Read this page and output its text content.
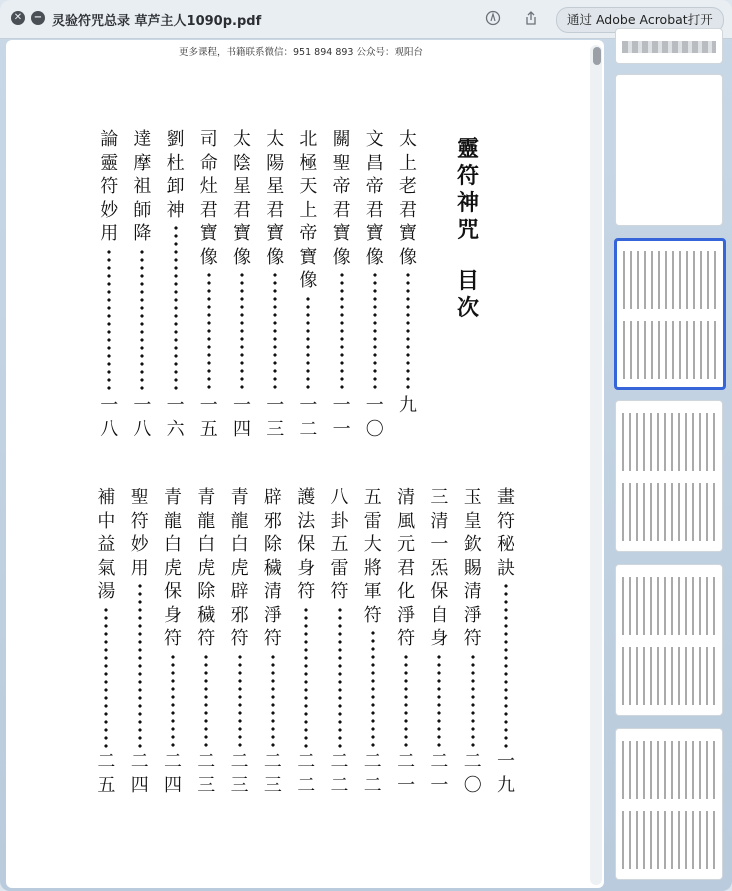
✕ − 灵验符咒总录 草芦主人1090p.pdf	通过 Adobe Acrobat打开
更多课程，书籍联系微信：951 894 893 公众号：观阳台
靈
符
神
咒
目
次
太
上
老
君
寶
像
九
文
昌
帝
君
寶
像
一
〇
關
聖
帝
君
寶
像
一
一
北
極
天
上
帝
寶
像
一
二
太
陽
星
君
寶
像
一
三
太
陰
星
君
寶
像
一
四
司
命
灶
君
寶
像
一
五
劉
杜
卸
神
一
六
達
摩
祖
師
降
一
八
論
靈
符
妙
用
一
八
畫
符
秘
訣
一
九
玉
皇
欽
賜
清
淨
符
二
〇
三
清
一
炁
保
自
身
二
一
清
風
元
君
化
淨
符
二
一
五
雷
大
將
軍
符
二
二
八
卦
五
雷
符
二
二
護
法
保
身
符
二
二
辟
邪
除
穢
清
淨
符
二
三
青
龍
白
虎
辟
邪
符
二
三
青
龍
白
虎
除
穢
符
二
三
青
龍
白
虎
保
身
符
二
四
聖
符
妙
用
二
四
補
中
益
氣
湯
二
五
